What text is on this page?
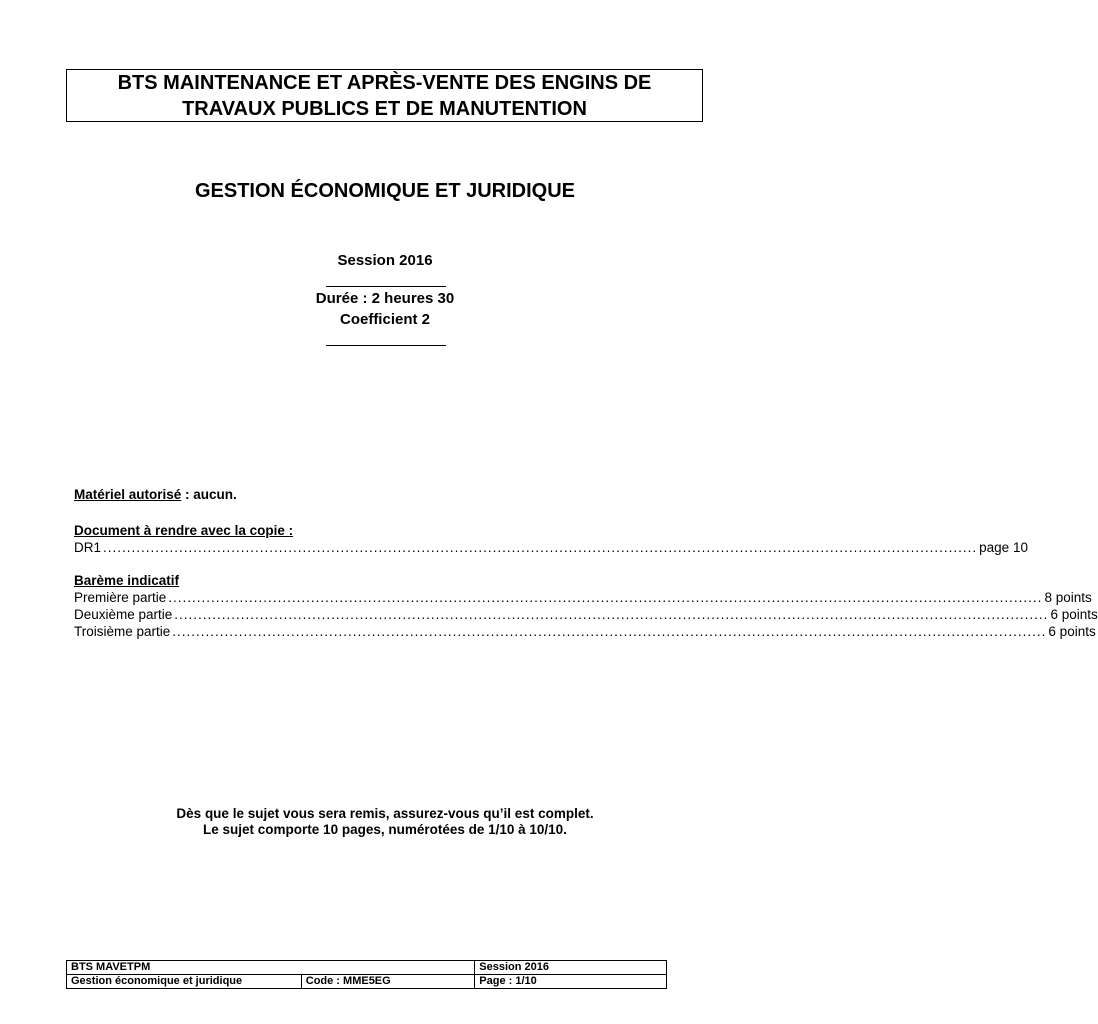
BTS MAINTENANCE ET APRÈS-VENTE DES ENGINS DE
TRAVAUX PUBLICS ET DE MANUTENTION
GESTION ÉCONOMIQUE ET JURIDIQUE
Session 2016
Durée : 2 heures 30
Coefficient 2
Matériel autorisé : aucun.
Document à rendre avec la copie :
DR1 ........................................................................................................................................................................................ page 10
Barème indicatif
Première partie ........................................................................................................................................................................................ 8 points
Deuxième partie ........................................................................................................................................................................................ 6 points
Troisième partie ........................................................................................................................................................................................ 6 points
Dès que le sujet vous sera remis, assurez-vous qu’il est complet.
Le sujet comporte 10 pages, numérotées de 1/10 à 10/10.
BTS MAVETPM		Session 2016
Gestion économique et juridique	Code : MME5EG	Page : 1/10
